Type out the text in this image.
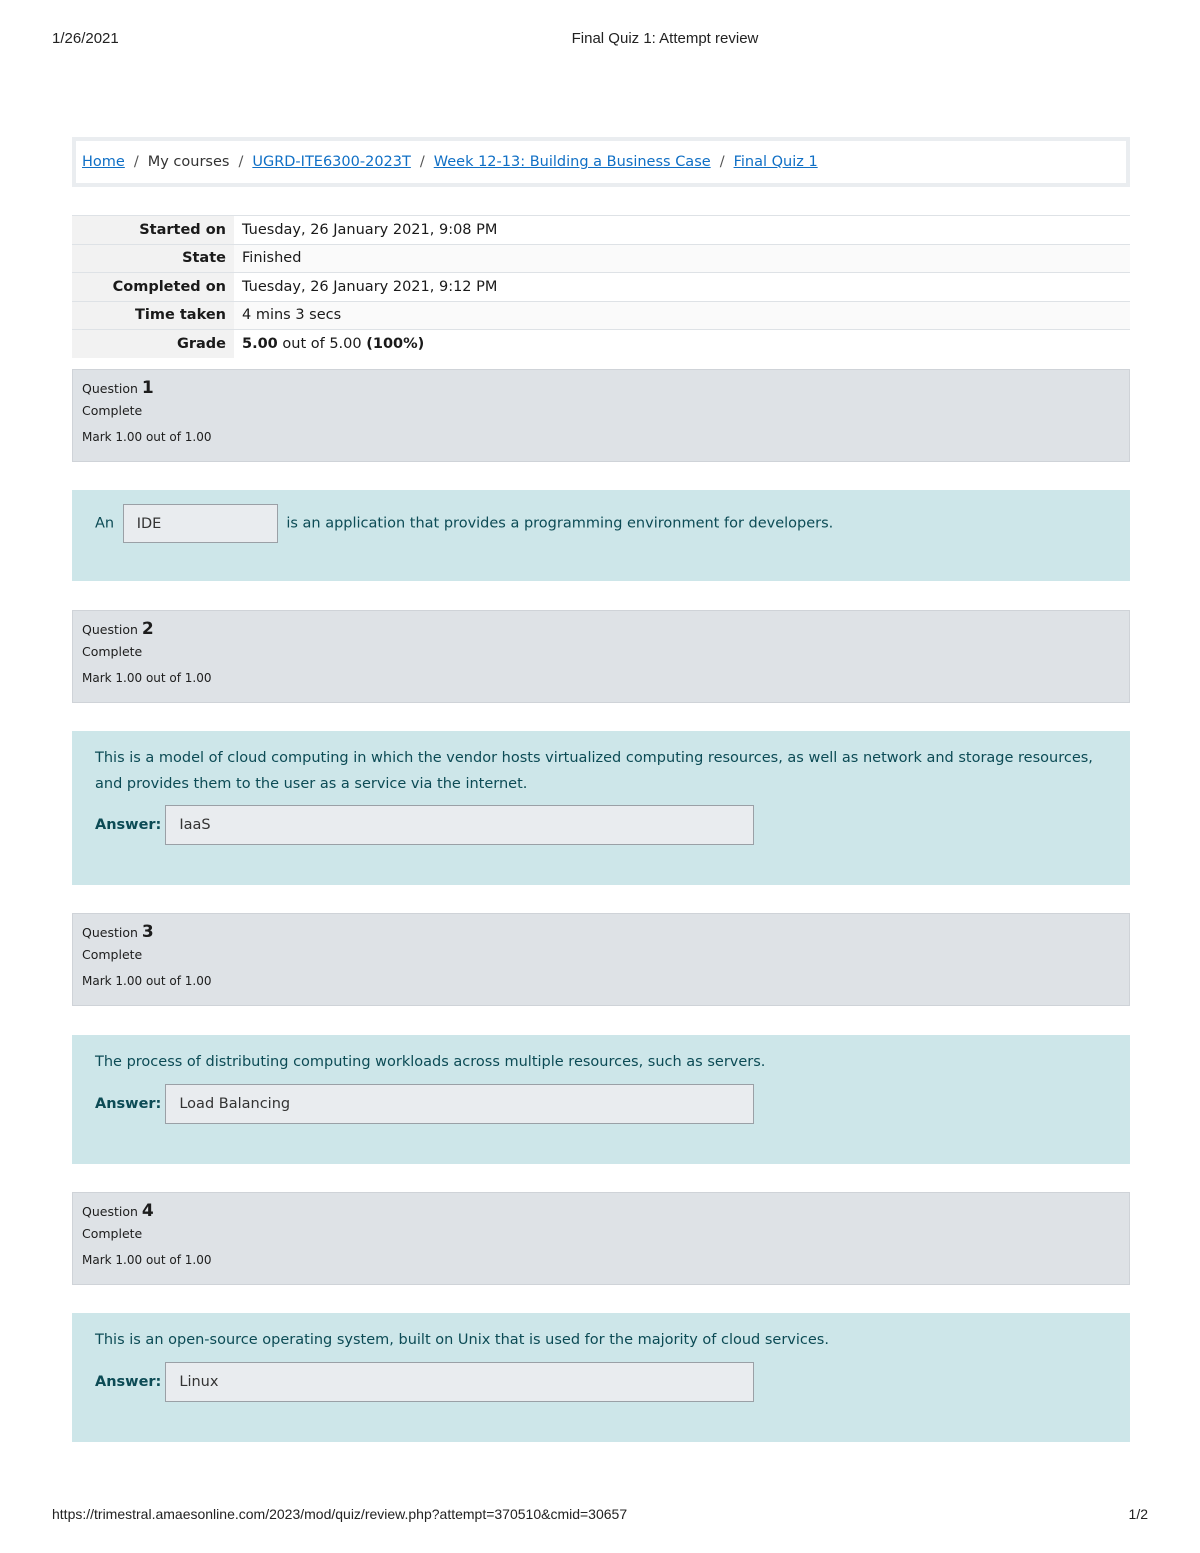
1/26/2021	Final Quiz 1: Attempt review
Home / My courses / UGRD-ITE6300-2023T / Week 12-13: Building a Business Case / Final Quiz 1
Started on	Tuesday, 26 January 2021, 9:08 PM
State	Finished
Completed on	Tuesday, 26 January 2021, 9:12 PM
Time taken	4 mins 3 secs
Grade	5.00 out of 5.00 (100%)
Question 1
Complete
Mark 1.00 out of 1.00
An IDE	is an application that provides a programming environment for developers.
Question 2
Complete
Mark 1.00 out of 1.00
This is a model of cloud computing in which the vendor hosts virtualized computing resources, as well as network and storage resources, and provides them to the user as a service via the internet.
Answer:	IaaS
Question 3
Complete
Mark 1.00 out of 1.00
The process of distributing computing workloads across multiple resources, such as servers.
Answer:	Load Balancing
Question 4
Complete
Mark 1.00 out of 1.00
This is an open-source operating system, built on Unix that is used for the majority of cloud services.
Answer:	Linux
https://trimestral.amaesonline.com/2023/mod/quiz/review.php?attempt=370510&cmid=30657	1/2
